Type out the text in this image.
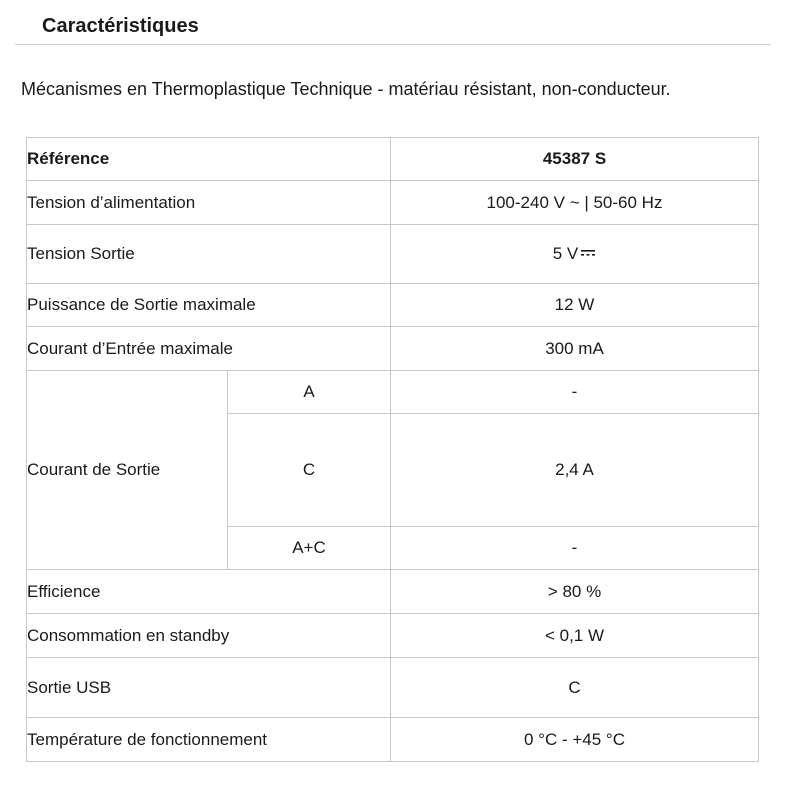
Caractéristiques
Mécanismes en Thermoplastique Technique - matériau résistant, non-conducteur.
Référence		45387 S
Tension d’alimentation		100-240 V ~ | 50-60 Hz
Tension Sortie		5 V
Puissance de Sortie maximale		12 W
Courant d’Entrée maximale		300 mA
Courant de Sortie	A	-
	C	2,4 A
	A+C	-
Efficience		> 80 %
Consommation en standby		< 0,1 W
Sortie USB		C
Température de fonctionnement		0 °C - +45 °C
